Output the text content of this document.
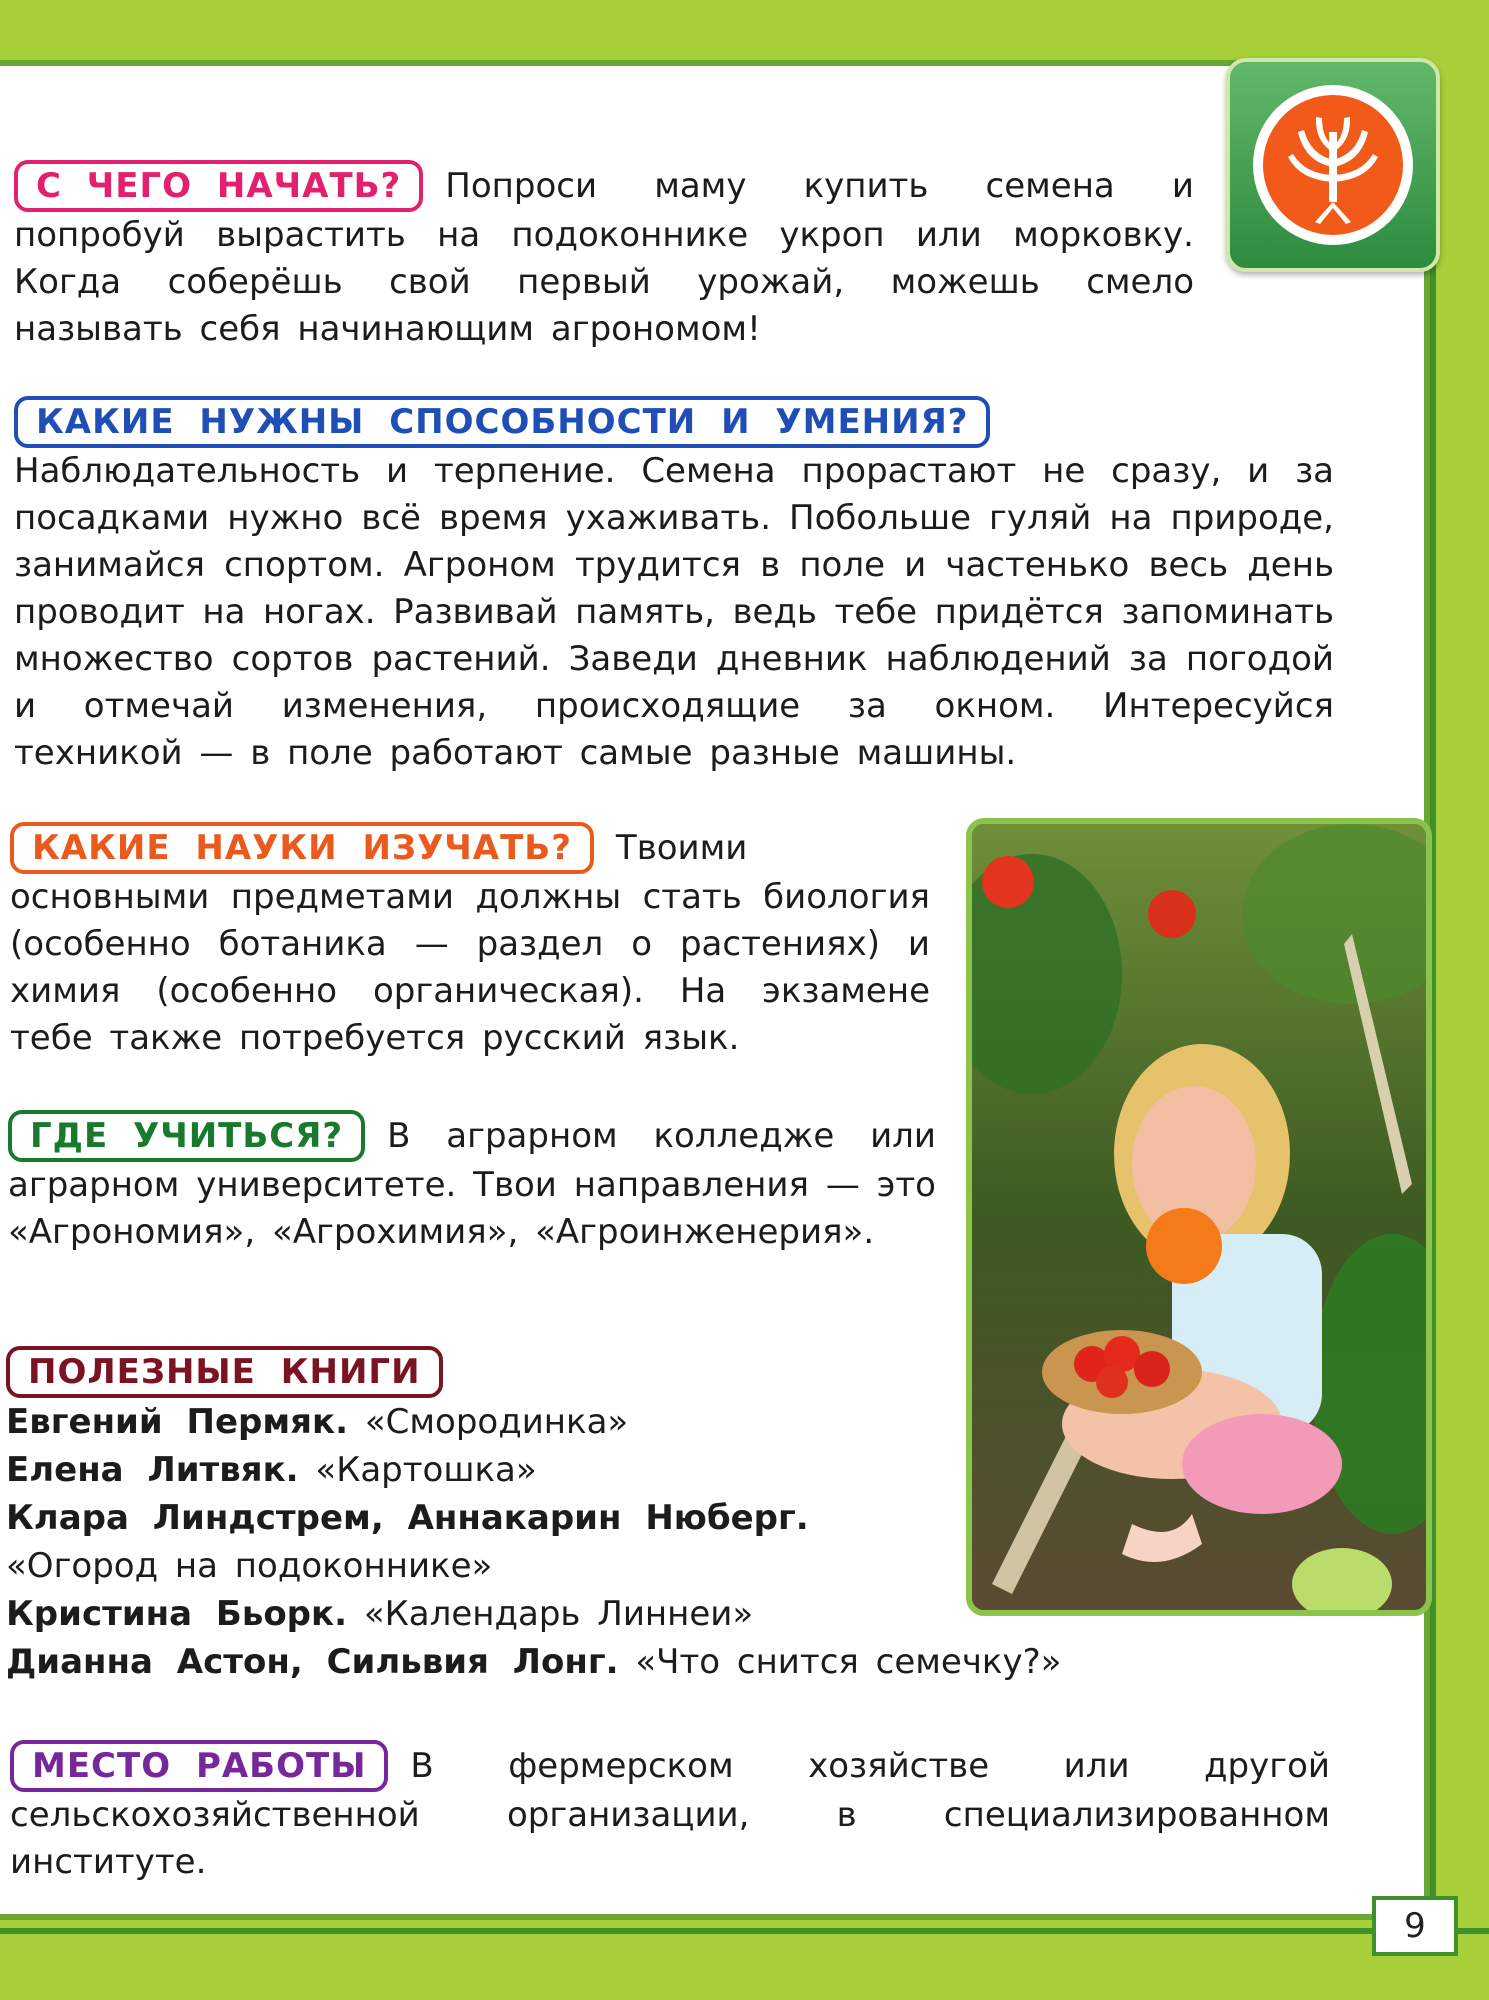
С ЧЕГО НАЧАТЬ? Попроси маму купить семена и попробуй вырастить на подоконнике укроп или морковку. Когда соберёшь свой первый урожай, можешь смело называть себя начинающим агрономом!
КАКИЕ НУЖНЫ СПОСОБНОСТИ И УМЕНИЯ?Наблюдательность и терпение. Семена прорастают не сразу, и за посадками нужно всё время ухаживать. Побольше гуляй на природе, занимайся спортом. Агроном трудится в поле и частенько весь день проводит на ногах. Развивай память, ведь тебе придётся запоминать множество сортов растений. Заведи дневник наблюдений за погодой и отмечай изменения, происходящие за окном. Интересуйся техникой — в поле работают самые разные машины.
КАКИЕ НАУКИ ИЗУЧАТЬ? Твоими основными предметами должны стать биология (особенно ботаника — раздел о растениях) и химия (особенно органическая). На экзамене тебе также потребуется русский язык.
ГДЕ УЧИТЬСЯ? В аграрном колледже или аграрном университете. Твои направления — это «Агрономия», «Агрохимия», «Агроинженерия».
ПОЛЕЗНЫЕ КНИГИ
Евгений Пермяк. «Смородинка»
Елена Литвяк. «Картошка»
Клара Линдстрем, Аннакарин Нюберг. «Огород на подоконнике»
Кристина Бьорк. «Календарь Линнеи»
Дианна Астон, Сильвия Лонг. «Что снится семечку?»
МЕСТО РАБОТЫ В фермерском хозяйстве или другой сельскохозяйственной организации, в специализированном институте.
9
